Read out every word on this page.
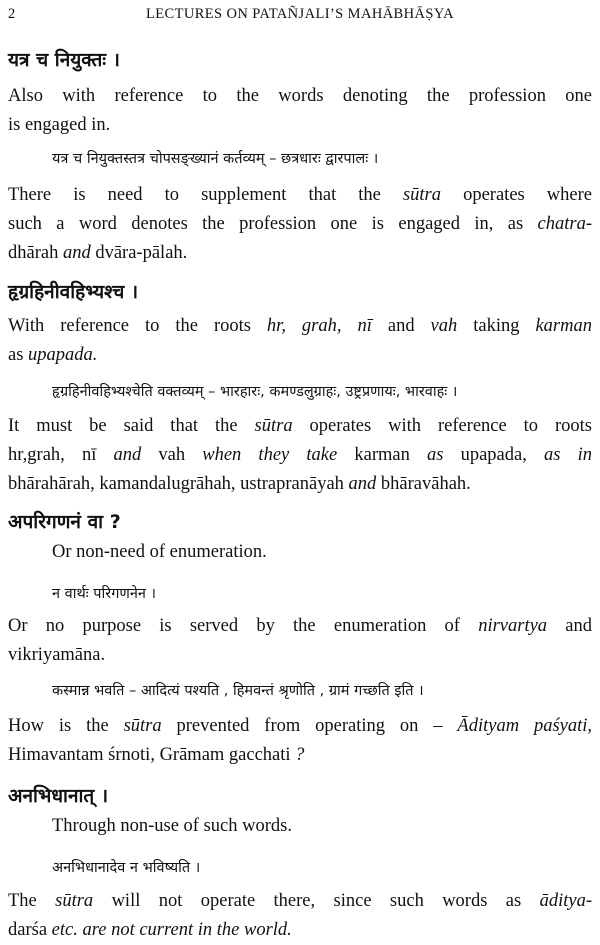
2	LECTURES ON PATAÑJALI’S MAHĀBHĀṢYA
यत्र च नियुक्तः ।
Also with reference to the words denoting the profession one
is engaged in.
यत्र च नियुक्तस्तत्र चोपसङ्ख्यानं कर्तव्यम् – छत्रधारः द्वारपालः ।
There is need to supplement that the sūtra operates where
such a word denotes the profession one is engaged in, as chatra-
dhārah and dvāra-pālah.
हृग्रहिनीवहिभ्यश्च ।
With reference to the roots hr, grah, nī and vah taking karman
as upapada.
हृग्रहिनीवहिभ्यश्चेति वक्तव्यम् – भारहारः, कमण्डलुग्राहः, उष्ट्रप्रणायः, भारवाहः ।
It must be said that the sūtra operates with reference to roots
hr,grah, nī and vah when they take karman as upapada, as in
bhārahārah, kamandalugrāhah, ustrapranāyah and bhāravāhah.
अपरिगणनं वा ?
Or non-need of enumeration.
न वार्थः परिगणनेन ।
Or no purpose is served by the enumeration of nirvartya and
vikriyamāna.
कस्मान्न भवति – आदित्यं पश्यति , हिमवन्तं श्रृणोति , ग्रामं गच्छति इति ।
How is the sūtra prevented from operating on – Ādityam paśyati,
Himavantam śrnoti, Grāmam gacchati ?
अनभिधानात् ।
Through non-use of such words.
अनभिधानादेव न भविष्यति ।
The sūtra will not operate there, since such words as āditya-
darśa etc. are not current in the world.
